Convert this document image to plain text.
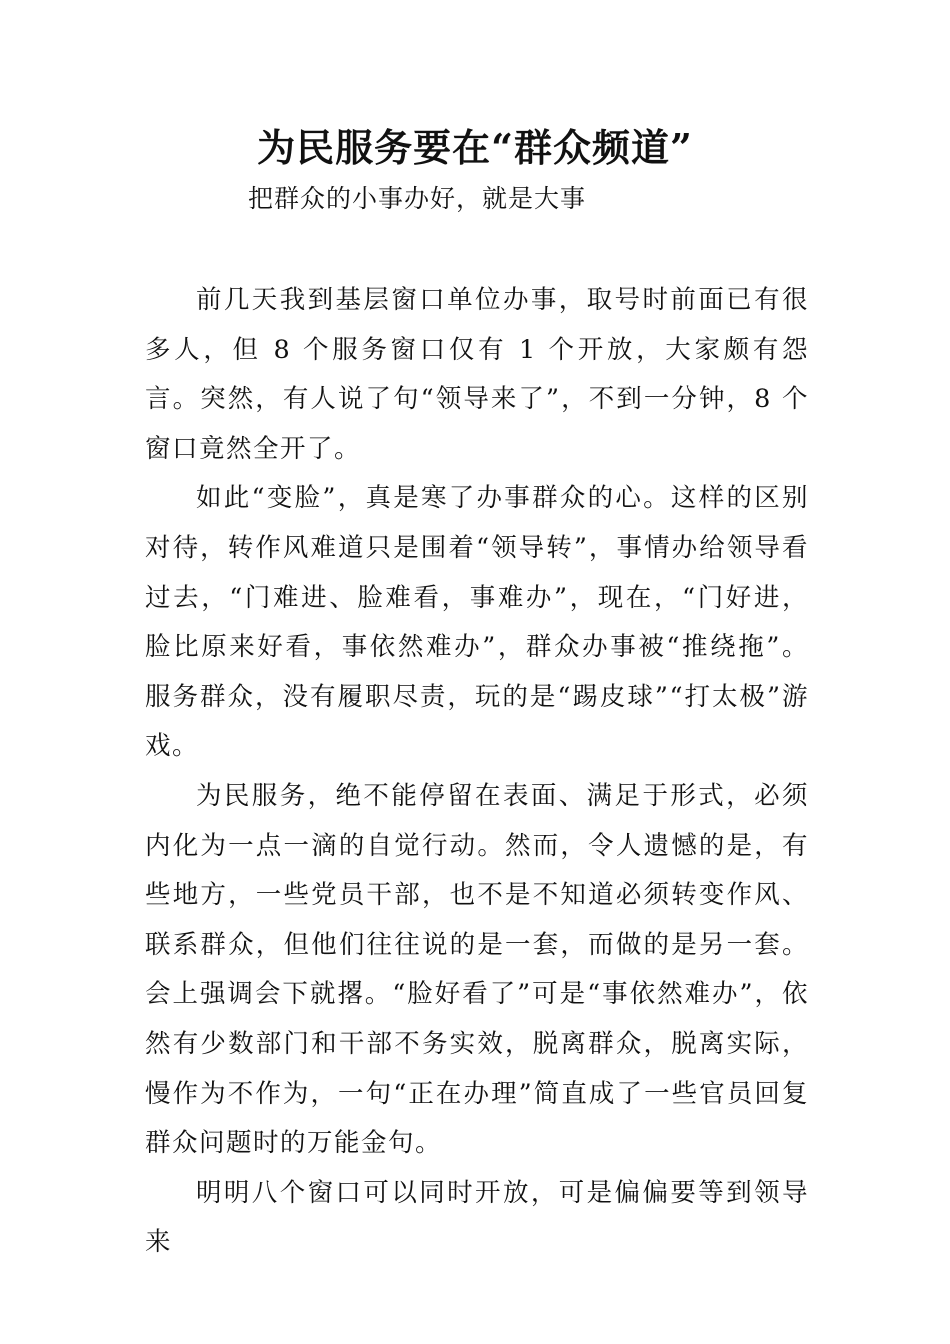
为民服务要在“群众频道”

把群众的小事办好，就是大事

前几天我到基层窗口单位办事，取号时前面已有很多人，但 8 个服务窗口仅有 1 个开放，大家颇有怨言。突然，有人说了句“领导来了”，不到一分钟，8 个窗口竟然全开了。

如此“变脸”，真是寒了办事群众的心。这样的区别对待，转作风难道只是围着“领导转”，事情办给领导看过去，“门难进、脸难看，事难办”，现在，“门好进，脸比原来好看，事依然难办”，群众办事被“推绕拖”。服务群众，没有履职尽责，玩的是“踢皮球”“打太极”游戏。

为民服务，绝不能停留在表面、满足于形式，必须内化为一点一滴的自觉行动。然而，令人遗憾的是，有些地方，一些党员干部，也不是不知道必须转变作风、联系群众，但他们往往说的是一套，而做的是另一套。会上强调会下就撂。“脸好看了”可是“事依然难办”，依然有少数部门和干部不务实效，脱离群众，脱离实际，慢作为不作为，一句“正在办理”简直成了一些官员回复群众问题时的万能金句。

明明八个窗口可以同时开放，可是偏偏要等到领导来
